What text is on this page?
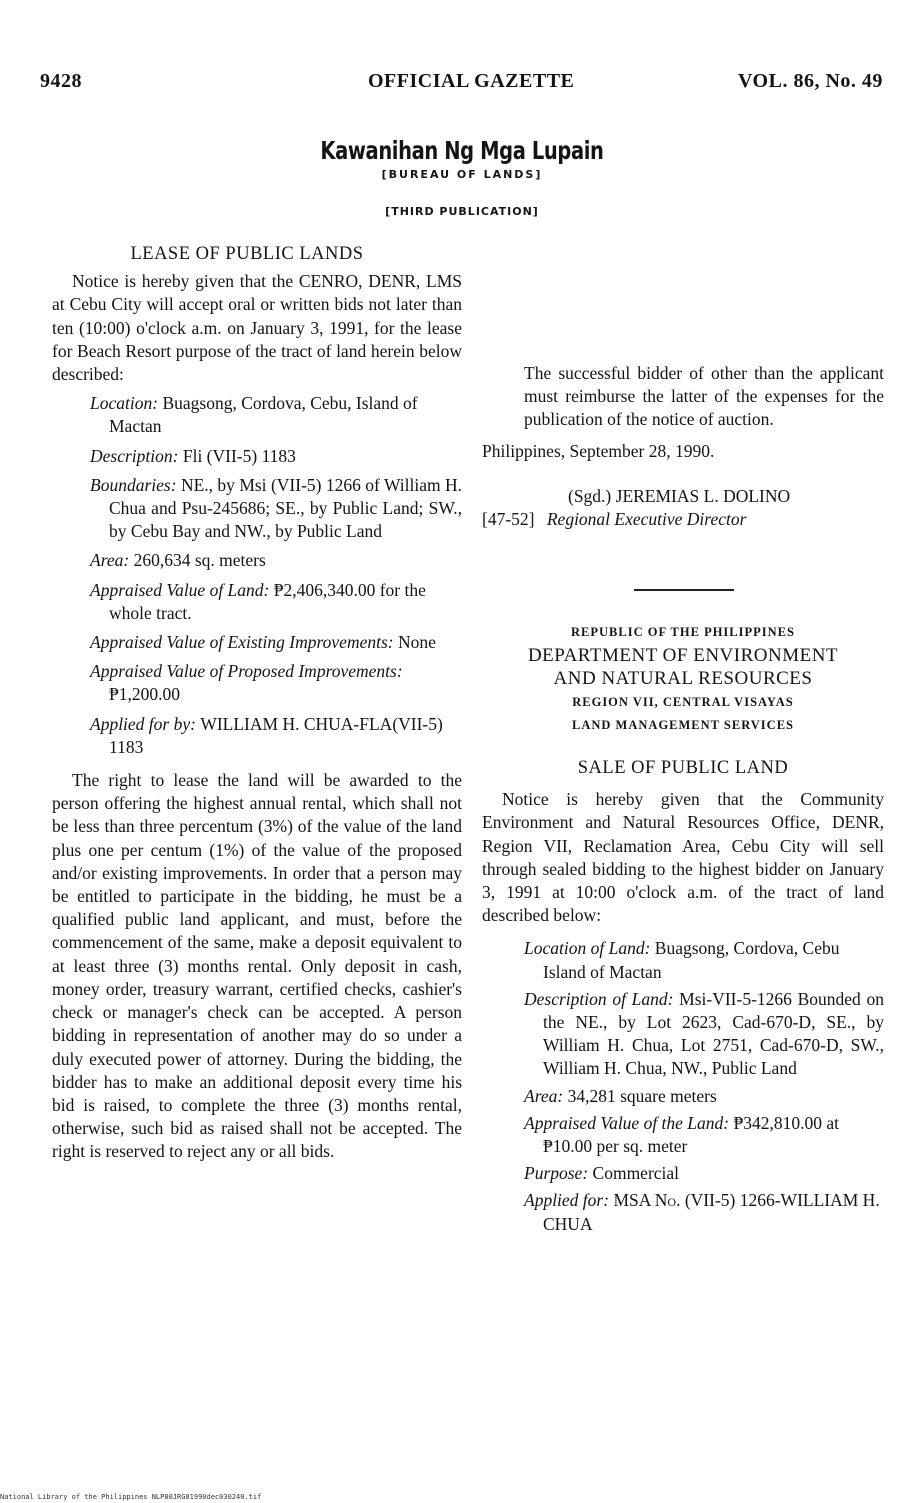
9428	OFFICIAL GAZETTE	VOL. 86, No. 49
Kawanihan Ng Mga Lupain
[BUREAU OF LANDS]
[THIRD PUBLICATION]

LEASE OF PUBLIC LANDS

Notice is hereby given that the CENRO, DENR, LMS at Cebu City will accept oral or written bids not later than ten (10:00) o'clock a.m. on January 3, 1991, for the lease for Beach Resort purpose of the tract of land herein below described:

Location: Buagsong, Cordova, Cebu, Island of Mactan

Description: Fli (VII-5) 1183

Boundaries: NE., by Msi (VII-5) 1266 of William H. Chua and Psu-245686; SE., by Public Land; SW., by Cebu Bay and NW., by Public Land

Area: 260,634 sq. meters

Appraised Value of Land: ₱2,406,340.00 for the whole tract.

Appraised Value of Existing Improvements: None

Appraised Value of Proposed Improvements: ₱1,200.00

Applied for by: WILLIAM H. CHUA-FLA(VII-5) 1183

The right to lease the land will be awarded to the person offering the highest annual rental, which shall not be less than three percentum (3%) of the value of the land plus one per centum (1%) of the value of the proposed and/or existing improvements. In order that a person may be entitled to participate in the bidding, he must be a qualified public land applicant, and must, before the commencement of the same, make a deposit equivalent to at least three (3) months rental. Only deposit in cash, money order, treasury warrant, certified checks, cashier's check or manager's check can be accepted. A person bidding in representation of another may do so under a duly executed power of attorney. During the bidding, the bidder has to make an additional deposit every time his bid is raised, to complete the three (3) months rental, otherwise, such bid as raised shall not be accepted. The right is reserved to reject any or all bids.

The successful bidder of other than the applicant must reimburse the latter of the expenses for the publication of the notice of auction.

Philippines, September 28, 1990.

(Sgd.) JEREMIAS L. DOLINO

[47-52] Regional Executive Director

REPUBLIC OF THE PHILIPPINES

DEPARTMENT OF ENVIRONMENT

AND NATURAL RESOURCES

REGION VII, CENTRAL VISAYAS

LAND MANAGEMENT SERVICES

SALE OF PUBLIC LAND

Notice is hereby given that the Community Environment and Natural Resources Office, DENR, Region VII, Reclamation Area, Cebu City will sell through sealed bidding to the highest bidder on January 3, 1991 at 10:00 o'clock a.m. of the tract of land described below:

Location of Land: Buagsong, Cordova, Cebu Island of Mactan

Description of Land: Msi-VII-5-1266 Bounded on the NE., by Lot 2623, Cad-670-D, SE., by William H. Chua, Lot 2751, Cad-670-D, SW., William H. Chua, NW., Public Land

Area: 34,281 square meters

Appraised Value of the Land: ₱342,810.00 at ₱10.00 per sq. meter

Purpose: Commercial

Applied for: MSA No. (VII-5) 1266-WILLIAM H. CHUA

National Library of the Philippines NLP00JRG01990dec030240.tif
